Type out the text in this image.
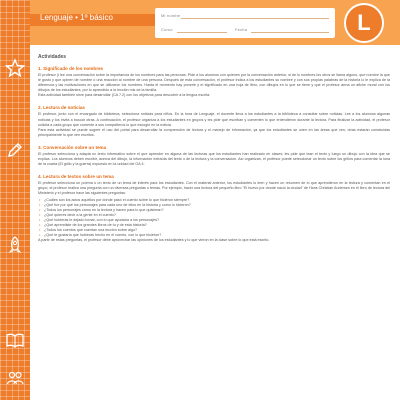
Lenguaje • 1º básico	Mi nombe
Curso	Fecha	L
Actividades
1. Significado de los nombres

El profesor (l lee una conversación sobre la importancia de los nombres para las personas. Pide a los alumnos con quienes por la conversación anterior, si de lo nombres los otros se llama alguno, que nombre la que le gusto y que opinen de nombre o una reacción al nombre de una persona. Después de esta conversación, el profesor indica a los estudiantes su nombre y con sus propias palabras de la historia lo le explica de la diferencia y las motivaciones en que se utilizaron los nombres. Hasta el momento hay ponerle y el significado en una hoja de libro, con dibujos en lo que se tiene y que el profesor arma un afiche mural con los dibujos de los estudiantes, por lo aprendido a la lección mis de la familia.

Esta actividad también sirve para desarrollar (CA 7.2) con los objetivos para descubrir a la lengua escrita.

2. Lectura de noticias

El profesor, junto con el encargado de biblioteca, selecciona noticias para niños. En la hora de Lenguaje, el docente lleva a los estudiantes a la biblioteca a consultar sobre noticias. Lee a los alumnos algunas noticias y los invita a buscar otras. A continuación, el profesor organiza a los estudiantes en grupos y les pide que escriban y comenten lo que entendieron durante la lectura. Para finalizar la actividad, el profesor solicita a cada grupo que comente a sus compañeros lo que escogió en la noticia.

Para esta actividad se puede sugerir el uso del portal para desarrollar la comprensión de lectura y el manejo de información, ya que los estudiantes se unen en las áreas que ven, otras estarán construidas principalmente lo que ven escritos.

3. Conversación sobre un tema

El profesor selecciona y adapta un texto informativo sobre el que aprender en alguna de las lecturas que los estudiantes han realizado en clases; les pide que lean el texto y luego un dibujo con la idea que se explica. Los alumnos deben escribir, acerca del dibujo, la información extraída del texto o de la lectura y la conversación. Así organizan, el profesor puede seleccionar un texto sobre los grillos para comentar la luna de la cuarta (El grillo y la guerra) expuesto en la unidad del OA 4.

4. Lectura de textos sobre un tema

El profesor selecciona un poema o un texto de un tema de interés para los estudiantes. Con el material anterior, los estudiantes lo leen y hacen un resumen de lo que aprendieron en la lectura y comentan en el grupo, el profesor realiza una pregunta con un diversas preguntas o temas. Por ejemplo, hacer una lectura del pequeño libro "El huevo por donde nació la ciudad" de Hans Christian Andersen en el libro de lectura del Ministerio y el profesor hace las siguientes preguntas:

• ¿Cuáles son los actos aquellos por donde pasó el cuento sobre lo que hicieron siempre?
• ¿Qué fue por qué los personajes para cada uno de ellos en la historia y como lo hicieron?
• ¿Todos los personajes cómo en la lectura y hacen para lo que quisieran?
• ¿Qué quieres decir a la gente en el cuento?
• ¿Qué hubieras le dejado tomar, con lo que ayudaría a los personajes?
• ¿Qué aprendiste de los grandes libros de tu y de esta historia?
• ¿Todos los cuentos que cuentan una lección sobre algo?
• ¿Qué te gustaría que hubieras hecho en el cuento, con lo que hicieron?

A partir de estas preguntas, el profesor debe aprovechar las opiniones de los estudiantes y lo que vieron en la clase sobre lo que está escrito.
